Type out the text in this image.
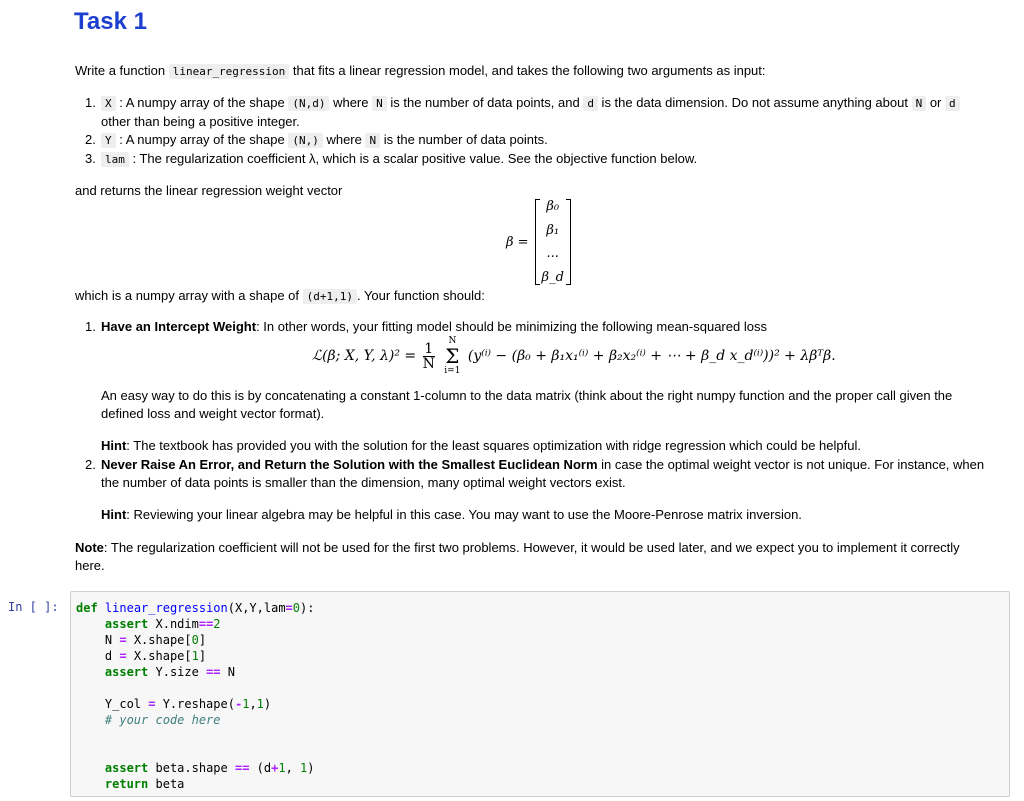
Task 1

Write a function linear_regression that fits a linear regression model, and takes the following two arguments as input:

1. X : A numpy array of the shape (N,d) where N is the number of data points, and d is the data dimension. Do not assume anything about N or d
other than being a positive integer.
2. Y : A numpy array of the shape (N,) where N is the number of data points.
3. lam : The regularization coefficient λ, which is a scalar positive value. See the objective function below.

and returns the linear regression weight vector

β =
β₀
β₁
...
β_d

which is a numpy array with a shape of (d+1,1) . Your function should:

1. Have an Intercept Weight: In other words, your fitting model should be minimizing the following mean-squared loss
ℒ(β; X, Y, $\lambda)^2 = \frac{1}{N}$

N
Σ
i=1
(y⁽ⁱ⁾ − (β₀ + β₁x₁⁽ⁱ⁾ + β₂x₂⁽ⁱ⁾ + ⋯ + β_d x_d⁽ⁱ⁾))² + λβᵀβ.
An easy way to do this is by concatenating a constant 1-column to the data matrix (think about the right numpy function and the proper call given the
defined loss and weight vector format).
Hint: The textbook has provided you with the solution for the least squares optimization with ridge regression which could be helpful.
2. Never Raise An Error, and Return the Solution with the Smallest Euclidean Norm in case the optimal weight vector is not unique. For instance, when
the number of data points is smaller than the dimension, many optimal weight vectors exist.
Hint: Reviewing your linear algebra may be helpful in this case. You may want to use the Moore-Penrose matrix inversion.

Note: The regularization coefficient will not be used for the first two problems. However, it would be used later, and we expect you to implement it correctly
here.

In [ ]: def linear_regression(X,Y,lam=0):
assert X.ndim==2
N = X.shape[0]
d = X.shape[1]
assert Y.size == N

Y_col = Y.reshape(-1,1)
# your code here

assert beta.shape == (d+1, 1)
return beta
